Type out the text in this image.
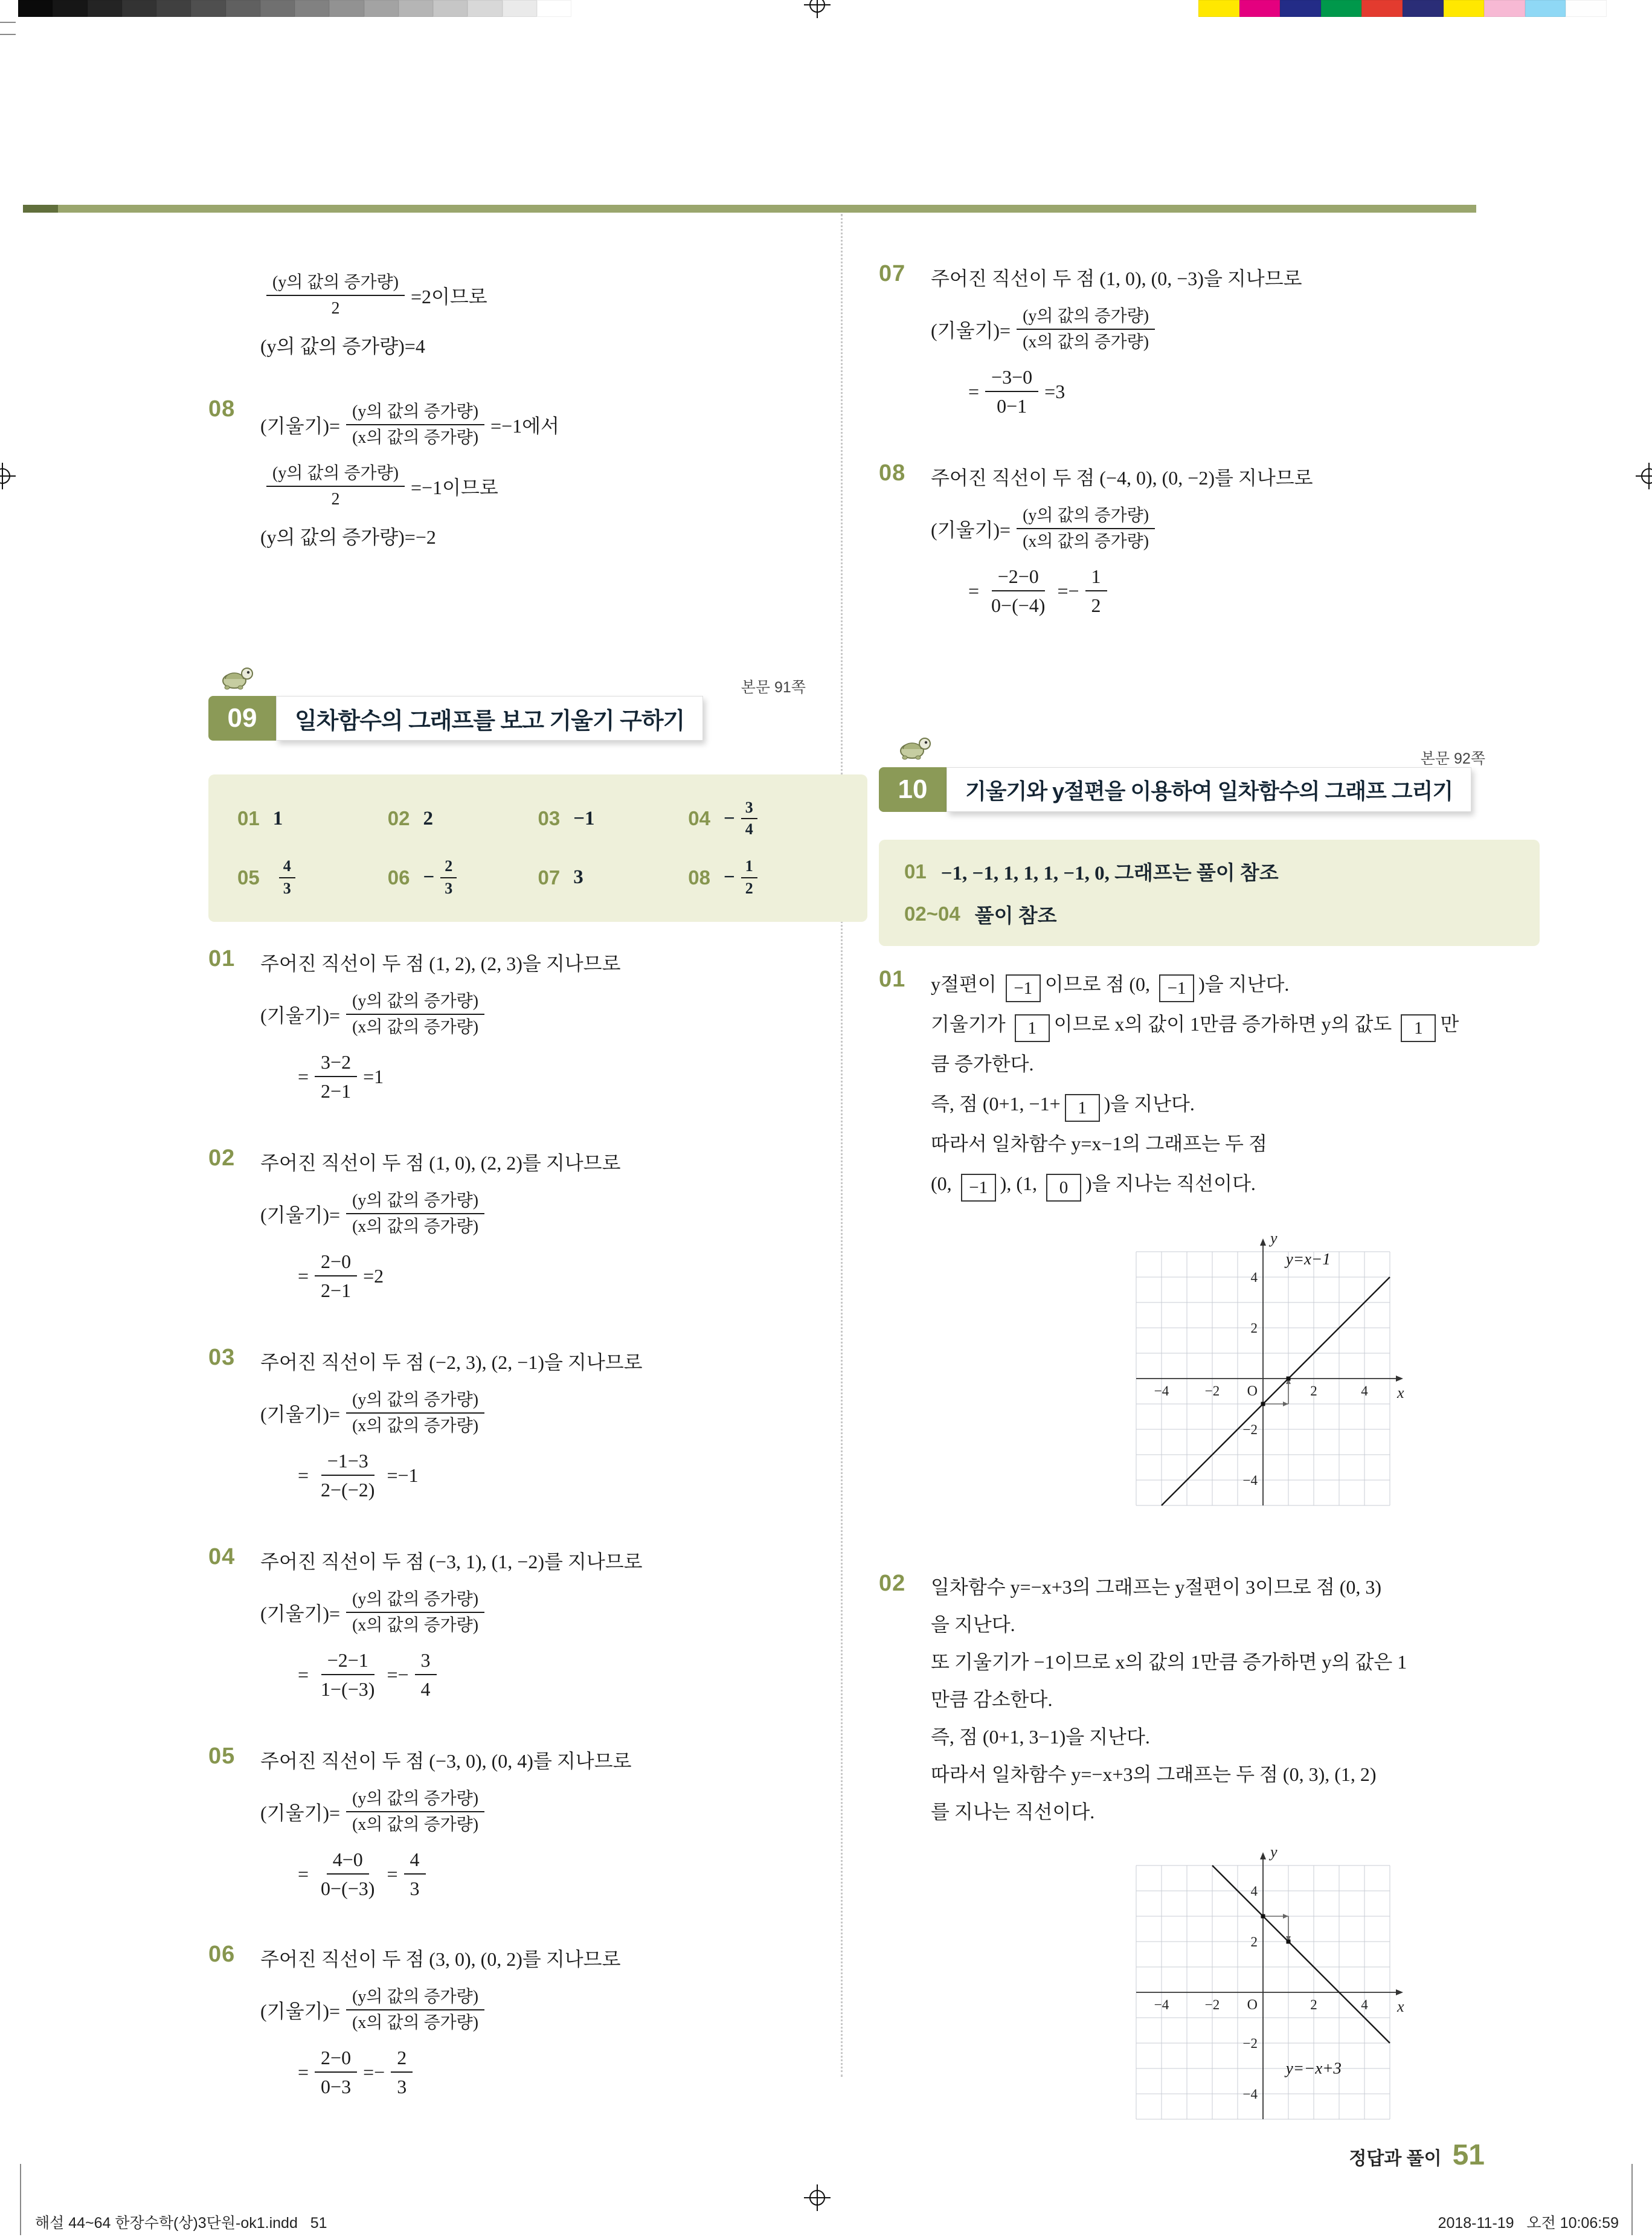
(y의 값의 증가량)
2
=2이므로
(y의 값의 증가량)=4
08
(기울기)=
(y의 값의 증가량)
(x의 값의 증가량)
=−1에서
(y의 값의 증가량)
2
=−1이므로
(y의 값의 증가량)=−2
본문 91쪽
09	일차함수의 그래프를 보고 기울기 구하기
01 1	02 2	03 −1	$04 - \frac{3}{4}$
$05 \frac{4}{3}$	$06 - \frac{2}{3}$	07 3	$08 - \frac{1}{2}$
01 주어진 직선이 두 점 (1, 2), (2, 3)을 지나므로
(기울기)=
(y의 값의 증가량)
(x의 값의 증가량)
= $\frac{3-2}{2-1} =1$
02 주어진 직선이 두 점 (1, 0), (2, 2)를 지나므로
(기울기)=
(y의 값의 증가량)
(x의 값의 증가량)
= $\frac{2-0}{2-1} =2$
03 주어진 직선이 두 점 (−2, 3), (2, −1)을 지나므로
(기울기)=
(y의 값의 증가량)
(x의 값의 증가량)
= $\frac{-1-3}{2-(-2)} =-1$
04 주어진 직선이 두 점 (−3, 1), (1, −2)를 지나므로
(기울기)=
(y의 값의 증가량)
(x의 값의 증가량)
= $\frac{-2-1}{1-(-3)} =- \frac{3}{4}$
05 주어진 직선이 두 점 (−3, 0), (0, 4)를 지나므로
(기울기)=
(y의 값의 증가량)
(x의 값의 증가량)
= $\frac{4-0}{0-(-3)} = \frac{4}{3}$
06 주어진 직선이 두 점 (3, 0), (0, 2)를 지나므로
(기울기)=
(y의 값의 증가량)
(x의 값의 증가량)
= $\frac{2-0}{0-3} =- \frac{2}{3}$
07 주어진 직선이 두 점 (1, 0), (0, −3)을 지나므로
(기울기)=
(y의 값의 증가량)
(x의 값의 증가량)
= $\frac{-3-0}{0-1} =3$
08 주어진 직선이 두 점 (−4, 0), (0, −2)를 지나므로
(기울기)=
(y의 값의 증가량)
(x의 값의 증가량)
= $\frac{-2-0}{0-(-4)} =- \frac{1}{2}$
본문 92쪽
10	기울기와 y절편을 이용하여 일차함수의 그래프 그리기
01 −1, −1, 1, 1, 1, −1, 0, 그래프는 풀이 참조
02~04 풀이 참조
01 y절편이 −1 이므로 점 (0, −1 )을 지난다.
기울기가 1 이므로 x의 값이 1만큼 증가하면 y의 값도 1 만
큼 증가한다.
즉, 점 (0+1, −1+ 1 )을 지난다.
따라서 일차함수 y=x−1의 그래프는 두 점
(0, −1 ), (1, 0 )을 지나는 직선이다.
x
y
O
−4	−2	2	4
4
2
−2
−4
y=x−1
02 일차함수 y=−x+3의 그래프는 y절편이 3이므로 점 (0, 3)
을 지난다.
또 기울기가 −1이므로 x의 값의 1만큼 증가하면 y의 값은 1
만큼 감소한다.
즉, 점 (0+1, 3−1)을 지난다.
따라서 일차함수 y=−x+3의 그래프는 두 점 (0, 3), (1, 2)
를 지나는 직선이다.
x
y
O
−4	−2	2	4
4
2
−2
−4
y=−x+3
정답과 풀이 51
해설 44~64 한장수학(상)3단원-ok1.indd   51	2018-11-19   오전 10:06:59
